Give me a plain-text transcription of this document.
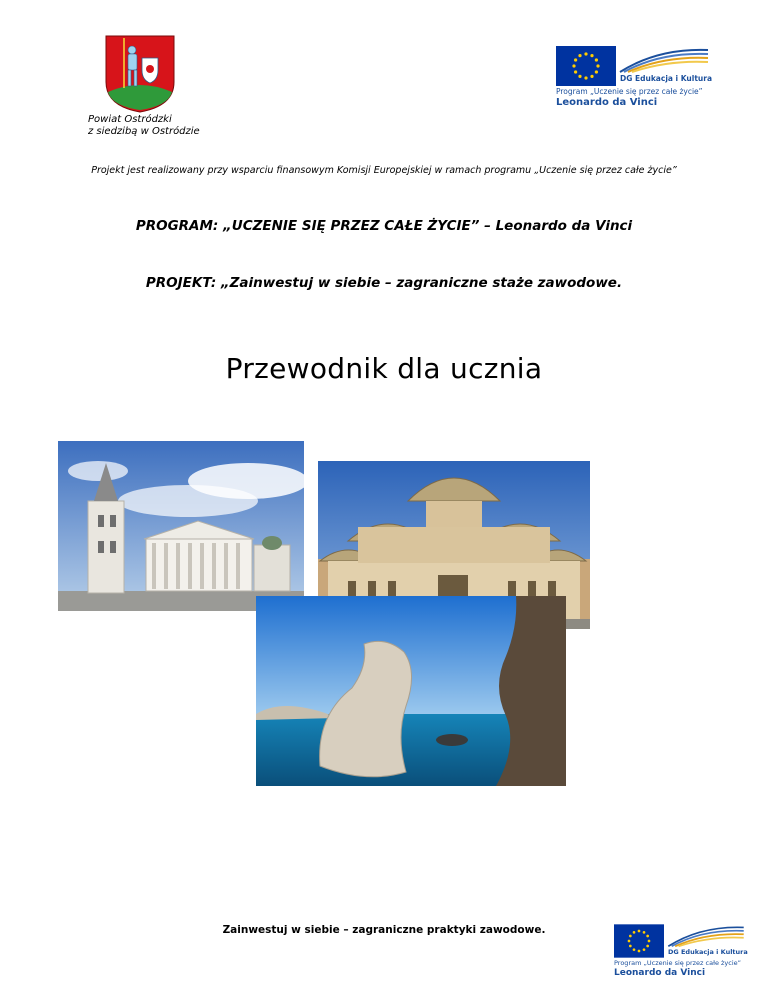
Powiat Ostródzki
z siedzibą w Ostródzie
DG Edukacja i Kultura
Program „Uczenie się przez całe życie”
Leonardo da Vinci
Projekt jest realizowany przy wsparciu finansowym Komisji Europejskiej w ramach programu „Uczenie się przez całe życie”
PROGRAM: „UCZENIE SIĘ PRZEZ CAŁE ŻYCIE” – Leonardo da Vinci
PROJEKT: „Zainwestuj w siebie – zagraniczne staże zawodowe.
Przewodnik dla ucznia
Zainwestuj w siebie – zagraniczne praktyki zawodowe.
DG Edukacja i Kultura
Program „Uczenie się przez całe życie”
Leonardo da Vinci
